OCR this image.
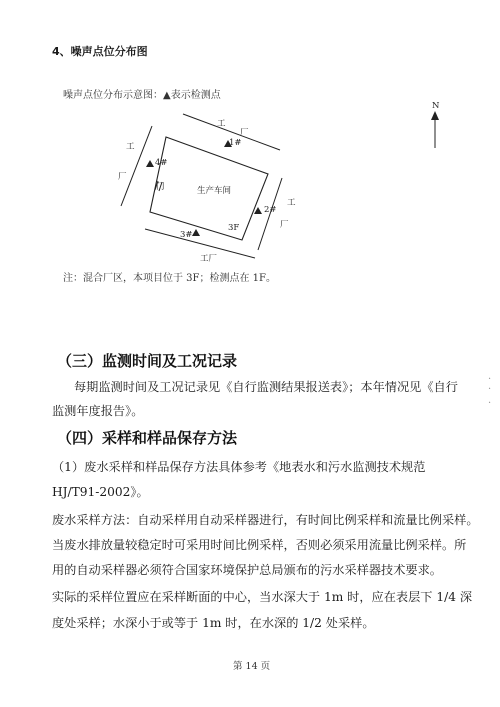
4、噪声点位分布图
噪声点位分布示意图：▲表示检测点
N
工
厂
1#
工
厂
4#
门	生产车间
工
2#
厂
3F
3#
工厂
注：混合厂区，本项目位于 3F；检测点在 1F。
（三）监测时间及工况记录
每期监测时间及工况记录见《自行监测结果报送表》；本年情况见《自行
监测年度报告》。
（四）采样和样品保存方法
（1）废水采样和样品保存方法具体参考《地表水和污水监测技术规范
HJ/T91-2002》。
废水采样方法：自动采样用自动采样器进行，有时间比例采样和流量比例采样。
当废水排放量较稳定时可采用时间比例采样，否则必须采用流量比例采样。所
用的自动采样器必须符合国家环境保护总局颁布的污水采样器技术要求。
实际的采样位置应在采样断面的中心，当水深大于 1m 时，应在表层下 1/4 深
度处采样；水深小于或等于 1m 时，在水深的 1/2 处采样。
第 14 页
·
·
·
